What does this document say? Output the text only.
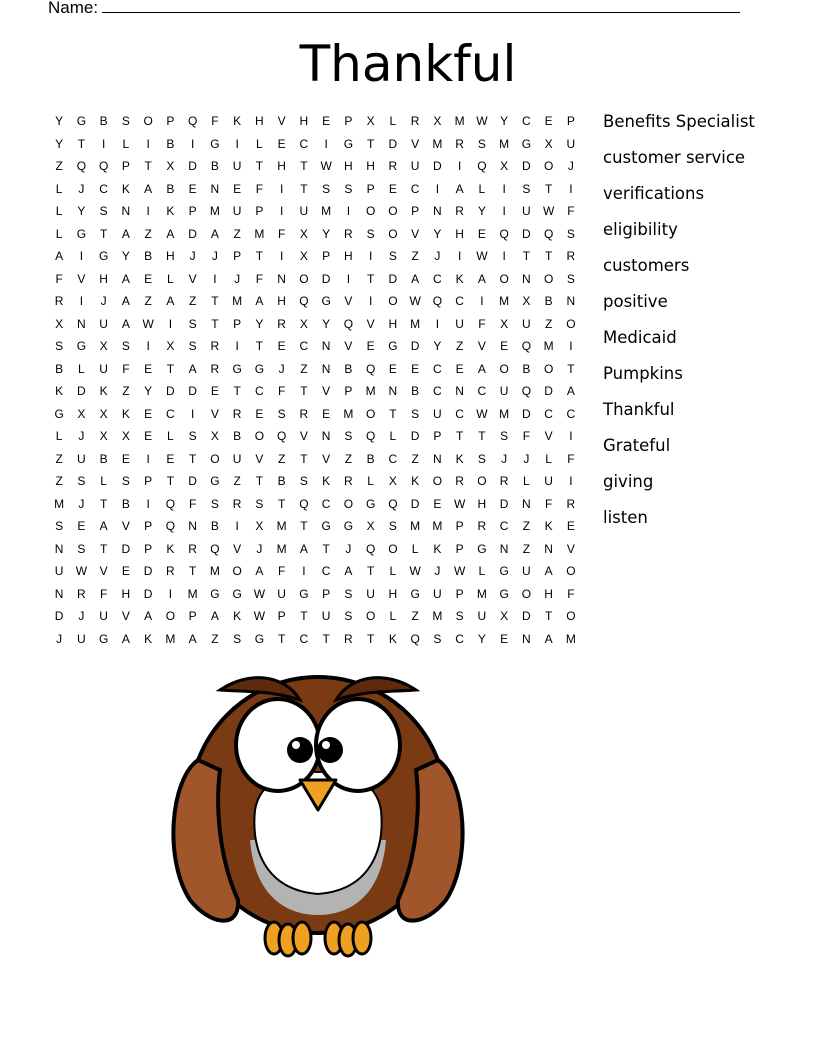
Name:
Thankful
Y	G	B	S	O	P	Q	F	K	H	V	H	E	P	X	L	R	X	M W	Y	C	E	P
Y	T	I	L	I	B	I	G	I	L	E	C	I	G	T	D	V	M	R	S	M	G	X	U
Z	Q	Q	P	T	X	D	B	U	T	H	T	W	H	H	R	U	D	I	Q	X	D	O	J
L	J	C	K	A	B	E	N	E	F	I	T	S	S	P	E	C	I	A	L	I	S	T	I
L	Y	S	N	I	K	P	M	U	P	I	U	M	I	O	O	P	N	R	Y	I	U	W	F
L	G	T	A	Z	A	D	A	Z	M	F	X	Y	R	S	O	V	Y	H	E	Q	D	Q	S
A	I	G	Y	B	H	J	J	P	T	I	X	P	H	I	S	Z	J	I	W	I	T	T	R
F	V	H	A	E	L	V	I	J	F	N	O	D	I	T	D	A	C	K	A	O	N	O	S
R	I	J	A	Z	A	Z	T	M	A	H	Q	G	V	I	O W Q	C	I	M	X	B	N
X	N	U	A	W	I	S	T	P	Y	R	X	Y	Q	V	H	M	I	U	F	X	U	Z	O
S	G	X	S	I	X	S	R	I	T	E	C	N	V	E	G	D	Y	Z	V	E	Q	M	I
B	L	U	F	E	T	A	R	G	G	J	Z	N	B	Q	E	E	C	E	A	O	B	O	T
K	D	K	Z	Y	D	D	E	T	C	F	T	V	P	M	N	B	C	N	C	U	Q	D	A
G	X	X	K	E	C	I	V	R	E	S	R	E	M	O	T	S	U	C	W M	D	C	C
L	J	X	X	E	L	S	X	B	O	Q	V	N	S	Q	L	D	P	T	T	S	F	V	I
Z	U	B	E	I	E	T	O	U	V	Z	T	V	Z	B	C	Z	N	K	S	J	J	L	F
Z	S	L	S	P	T	D	G	Z	T	B	S	K	R	L	X	K	O	R	O	R	L	U	I
M	J	T	B	I	Q	F	S	R	S	T	Q	C	O	G	Q	D	E	W	H	D	N	F	R
S	E	A	V	P	Q	N	B	I	X	M	T	G	G	X	S	M	M	P	R	C	Z	K	E
N	S	T	D	P	K	R	Q	V	J	M	A	T	J	Q	O	L	K	P	G	N	Z	N	V
U	W	V	E	D	R	T	M	O	A	F	I	C	A	T	L	W	J	W	L	G	U	A	O
N	R	F	H	D	I	M	G	G W	U	G	P	S	U	H	G	U	P	M	G	O	H	F
D	J	U	V	A	O	P	A	K	W	P	T	U	S	O	L	Z	M	S	U	X	D	T	O
J	U	G	A	K	M	A	Z	S	G	T	C	T	R	T	K	Q	S	C	Y	E	N	A	M
Benefits Specialist
customer service
verifications
eligibility
customers
positive
Medicaid
Pumpkins
Thankful
Grateful
giving
listen
